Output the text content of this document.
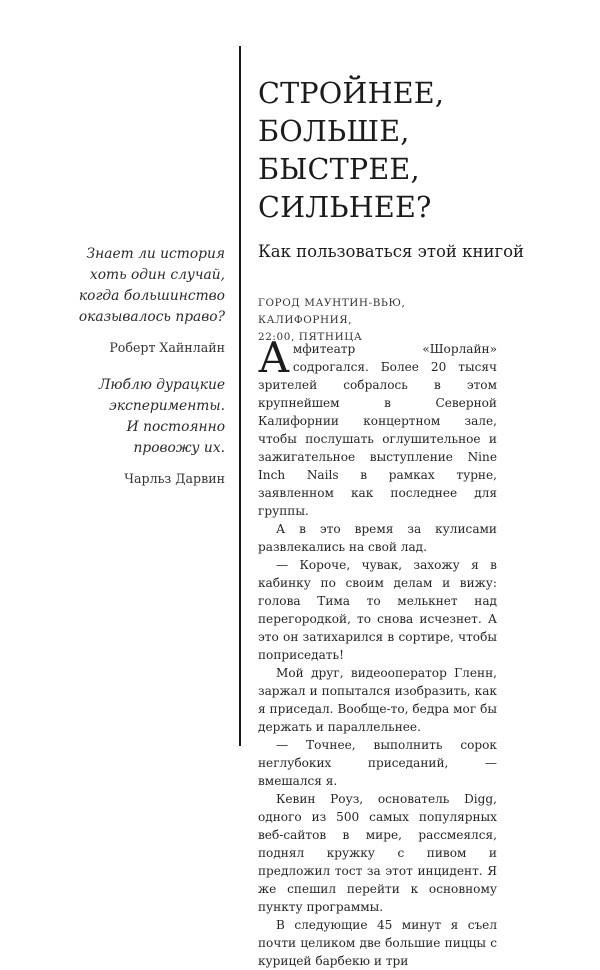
Знает ли история
хоть один случай,
когда большинство
оказывалось право?
Роберт Хайнлайн
Люблю дурацкие
эксперименты.
И постоянно
провожу их.
Чарльз Дарвин
СТРОЙНЕЕ,
БОЛЬШЕ,
БЫСТРЕЕ,
СИЛЬНЕЕ?
Как пользоваться этой книгой
ГОРОД МАУНТИН-ВЬЮ, КАЛИФОРНИЯ,
22:00, ПЯТНИЦА

Амфитеатр «Шорлайн» содрогался. Более 20 тысяч зрителей собралось в этом крупнейшем в Северной Калифорнии концертном зале, чтобы послушать оглушительное и зажигательное выступление Nine Inch Nails в рамках турне, заявленном как последнее для группы.

А в это время за кулисами развлекались на свой лад.

— Короче, чувак, захожу я в кабинку по своим делам и вижу: голова Тима то мелькнет над перегородкой, то снова исчезнет. А это он затихарился в сортире, чтобы поприседать!

Мой друг, видеооператор Гленн, заржал и попытался изобразить, как я приседал. Вообще-то, бедра мог бы держать и параллельнее.

— Точнее, выполнить сорок неглубоких приседаний, — вмешался я.

Кевин Роуз, основатель Digg, одного из 500 самых популярных веб-сайтов в мире, рассмеялся, поднял кружку с пивом и предложил тост за этот инцидент. Я же спешил перейти к основному пункту программы.

В следующие 45 минут я съел почти целиком две большие пиццы с курицей барбекю и три
